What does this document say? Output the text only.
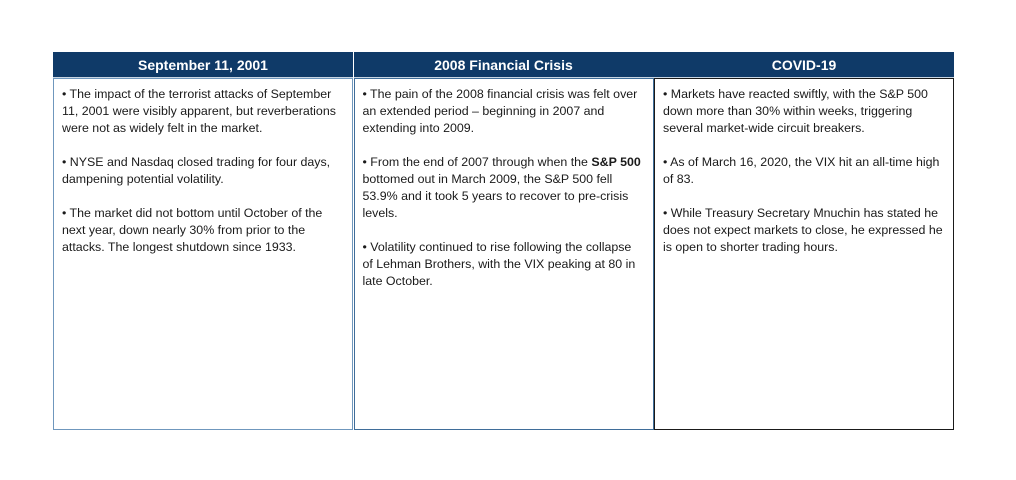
September 11, 2001

• The impact of the terrorist attacks of September 11, 2001 were visibly apparent, but reverberations were not as widely felt in the market.

• NYSE and Nasdaq closed trading for four days, dampening potential volatility.

• The market did not bottom until October of the next year, down nearly 30% from prior to the attacks. The longest shutdown since 1933.

2008 Financial Crisis

• The pain of the 2008 financial crisis was felt over an extended period – beginning in 2007 and extending into 2009.

• From the end of 2007 through when the S&P 500 bottomed out in March 2009, the S&P 500 fell 53.9% and it took 5 years to recover to pre-crisis levels.

• Volatility continued to rise following the collapse of Lehman Brothers, with the VIX peaking at 80 in late October.

COVID-19

• Markets have reacted swiftly, with the S&P 500 down more than 30% within weeks, triggering several market-wide circuit breakers.

• As of March 16, 2020, the VIX hit an all-time high of 83.

• While Treasury Secretary Mnuchin has stated he does not expect markets to close, he expressed he is open to shorter trading hours.
